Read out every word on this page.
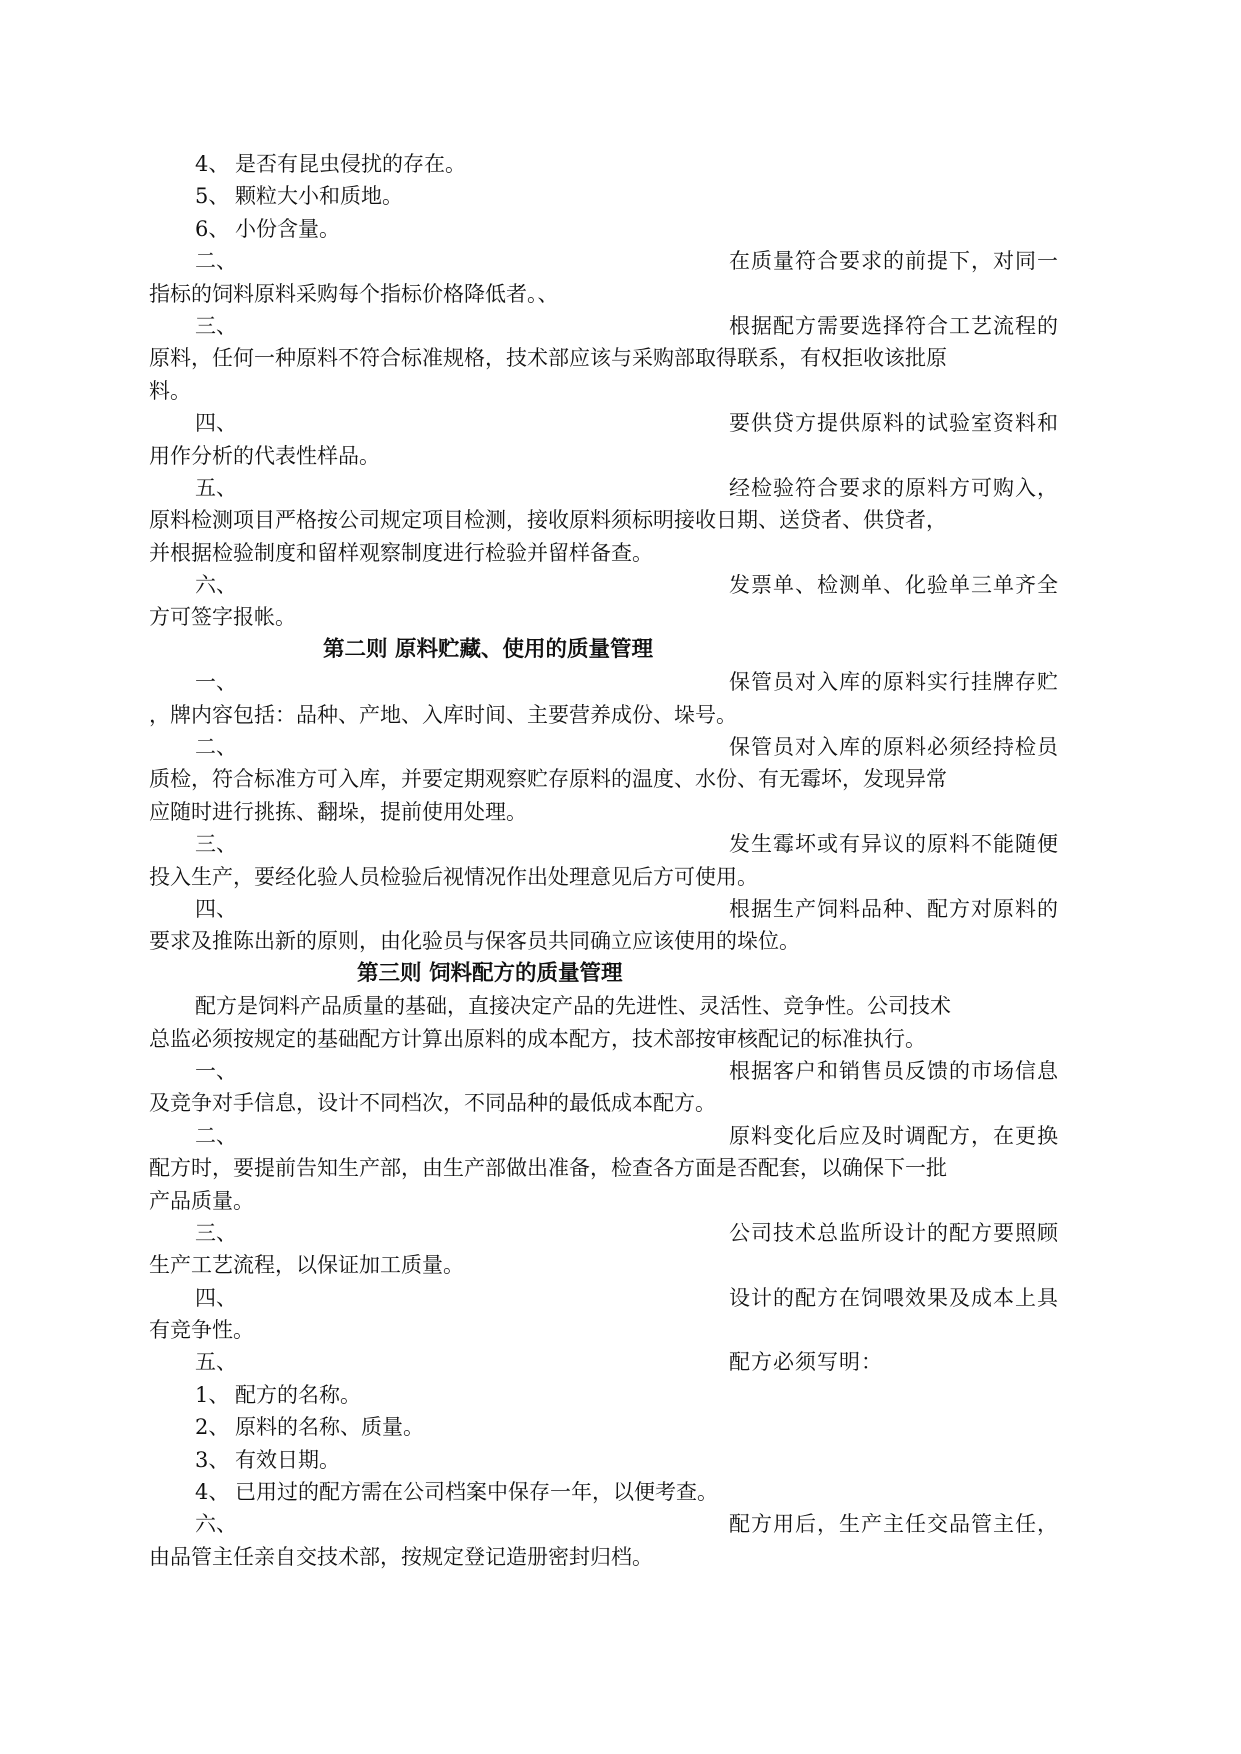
4、 是否有昆虫侵扰的存在。
5、 颗粒大小和质地。
6、 小份含量。
二、	在质量符合要求的前提下，对同一
指标的饲料原料采购每个指标价格降低者。、
三、	根据配方需要选择符合工艺流程的
原料，任何一种原料不符合标准规格，技术部应该与采购部取得联系，有权拒收该批原
料。
四、	要供贷方提供原料的试验室资料和
用作分析的代表性样品。
五、	经检验符合要求的原料方可购入，
原料检测项目严格按公司规定项目检测，接收原料须标明接收日期、送贷者、供贷者，
并根据检验制度和留样观察制度进行检验并留样备查。
六、	发票单、检测单、化验单三单齐全
方可签字报帐。
第二则 原料贮藏、使用的质量管理
一、	保管员对入库的原料实行挂牌存贮
，牌内容包括：品种、产地、入库时间、主要营养成份、垛号。
二、	保管员对入库的原料必须经持检员
质检，符合标准方可入库，并要定期观察贮存原料的温度、水份、有无霉坏，发现异常
应随时进行挑拣、翻垛，提前使用处理。
三、	发生霉坏或有异议的原料不能随便
投入生产，要经化验人员检验后视情况作出处理意见后方可使用。
四、	根据生产饲料品种、配方对原料的
要求及推陈出新的原则，由化验员与保客员共同确立应该使用的垛位。
第三则 饲料配方的质量管理
配方是饲料产品质量的基础，直接决定产品的先进性、灵活性、竞争性。公司技术
总监必须按规定的基础配方计算出原料的成本配方，技术部按审核配记的标准执行。
一、	根据客户和销售员反馈的市场信息
及竞争对手信息，设计不同档次，不同品种的最低成本配方。
二、	原料变化后应及时调配方，在更换
配方时，要提前告知生产部，由生产部做出准备，检查各方面是否配套，以确保下一批
产品质量。
三、	公司技术总监所设计的配方要照顾
生产工艺流程，以保证加工质量。
四、	设计的配方在饲喂效果及成本上具
有竞争性。
五、	配方必须写明：
1、 配方的名称。
2、 原料的名称、质量。
3、 有效日期。
4、 已用过的配方需在公司档案中保存一年，以便考查。
六、	配方用后，生产主任交品管主任，
由品管主任亲自交技术部，按规定登记造册密封归档。
